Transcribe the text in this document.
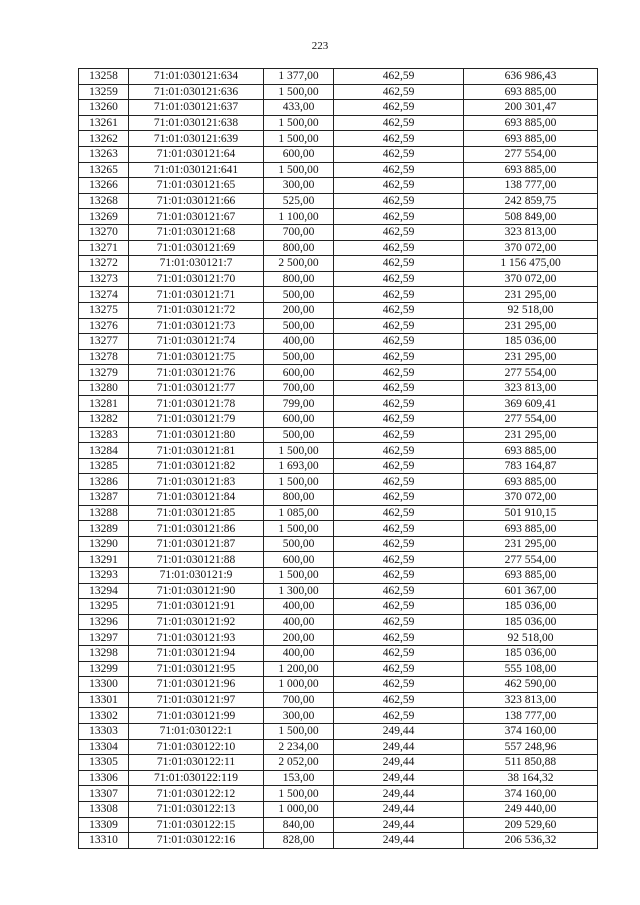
223
13258	71:01:030121:634	1 377,00	462,59	636 986,43
13259	71:01:030121:636	1 500,00	462,59	693 885,00
13260	71:01:030121:637	433,00	462,59	200 301,47
13261	71:01:030121:638	1 500,00	462,59	693 885,00
13262	71:01:030121:639	1 500,00	462,59	693 885,00
13263	71:01:030121:64	600,00	462,59	277 554,00
13265	71:01:030121:641	1 500,00	462,59	693 885,00
13266	71:01:030121:65	300,00	462,59	138 777,00
13268	71:01:030121:66	525,00	462,59	242 859,75
13269	71:01:030121:67	1 100,00	462,59	508 849,00
13270	71:01:030121:68	700,00	462,59	323 813,00
13271	71:01:030121:69	800,00	462,59	370 072,00
13272	71:01:030121:7	2 500,00	462,59	1 156 475,00
13273	71:01:030121:70	800,00	462,59	370 072,00
13274	71:01:030121:71	500,00	462,59	231 295,00
13275	71:01:030121:72	200,00	462,59	92 518,00
13276	71:01:030121:73	500,00	462,59	231 295,00
13277	71:01:030121:74	400,00	462,59	185 036,00
13278	71:01:030121:75	500,00	462,59	231 295,00
13279	71:01:030121:76	600,00	462,59	277 554,00
13280	71:01:030121:77	700,00	462,59	323 813,00
13281	71:01:030121:78	799,00	462,59	369 609,41
13282	71:01:030121:79	600,00	462,59	277 554,00
13283	71:01:030121:80	500,00	462,59	231 295,00
13284	71:01:030121:81	1 500,00	462,59	693 885,00
13285	71:01:030121:82	1 693,00	462,59	783 164,87
13286	71:01:030121:83	1 500,00	462,59	693 885,00
13287	71:01:030121:84	800,00	462,59	370 072,00
13288	71:01:030121:85	1 085,00	462,59	501 910,15
13289	71:01:030121:86	1 500,00	462,59	693 885,00
13290	71:01:030121:87	500,00	462,59	231 295,00
13291	71:01:030121:88	600,00	462,59	277 554,00
13293	71:01:030121:9	1 500,00	462,59	693 885,00
13294	71:01:030121:90	1 300,00	462,59	601 367,00
13295	71:01:030121:91	400,00	462,59	185 036,00
13296	71:01:030121:92	400,00	462,59	185 036,00
13297	71:01:030121:93	200,00	462,59	92 518,00
13298	71:01:030121:94	400,00	462,59	185 036,00
13299	71:01:030121:95	1 200,00	462,59	555 108,00
13300	71:01:030121:96	1 000,00	462,59	462 590,00
13301	71:01:030121:97	700,00	462,59	323 813,00
13302	71:01:030121:99	300,00	462,59	138 777,00
13303	71:01:030122:1	1 500,00	249,44	374 160,00
13304	71:01:030122:10	2 234,00	249,44	557 248,96
13305	71:01:030122:11	2 052,00	249,44	511 850,88
13306	71:01:030122:119	153,00	249,44	38 164,32
13307	71:01:030122:12	1 500,00	249,44	374 160,00
13308	71:01:030122:13	1 000,00	249,44	249 440,00
13309	71:01:030122:15	840,00	249,44	209 529,60
13310	71:01:030122:16	828,00	249,44	206 536,32
